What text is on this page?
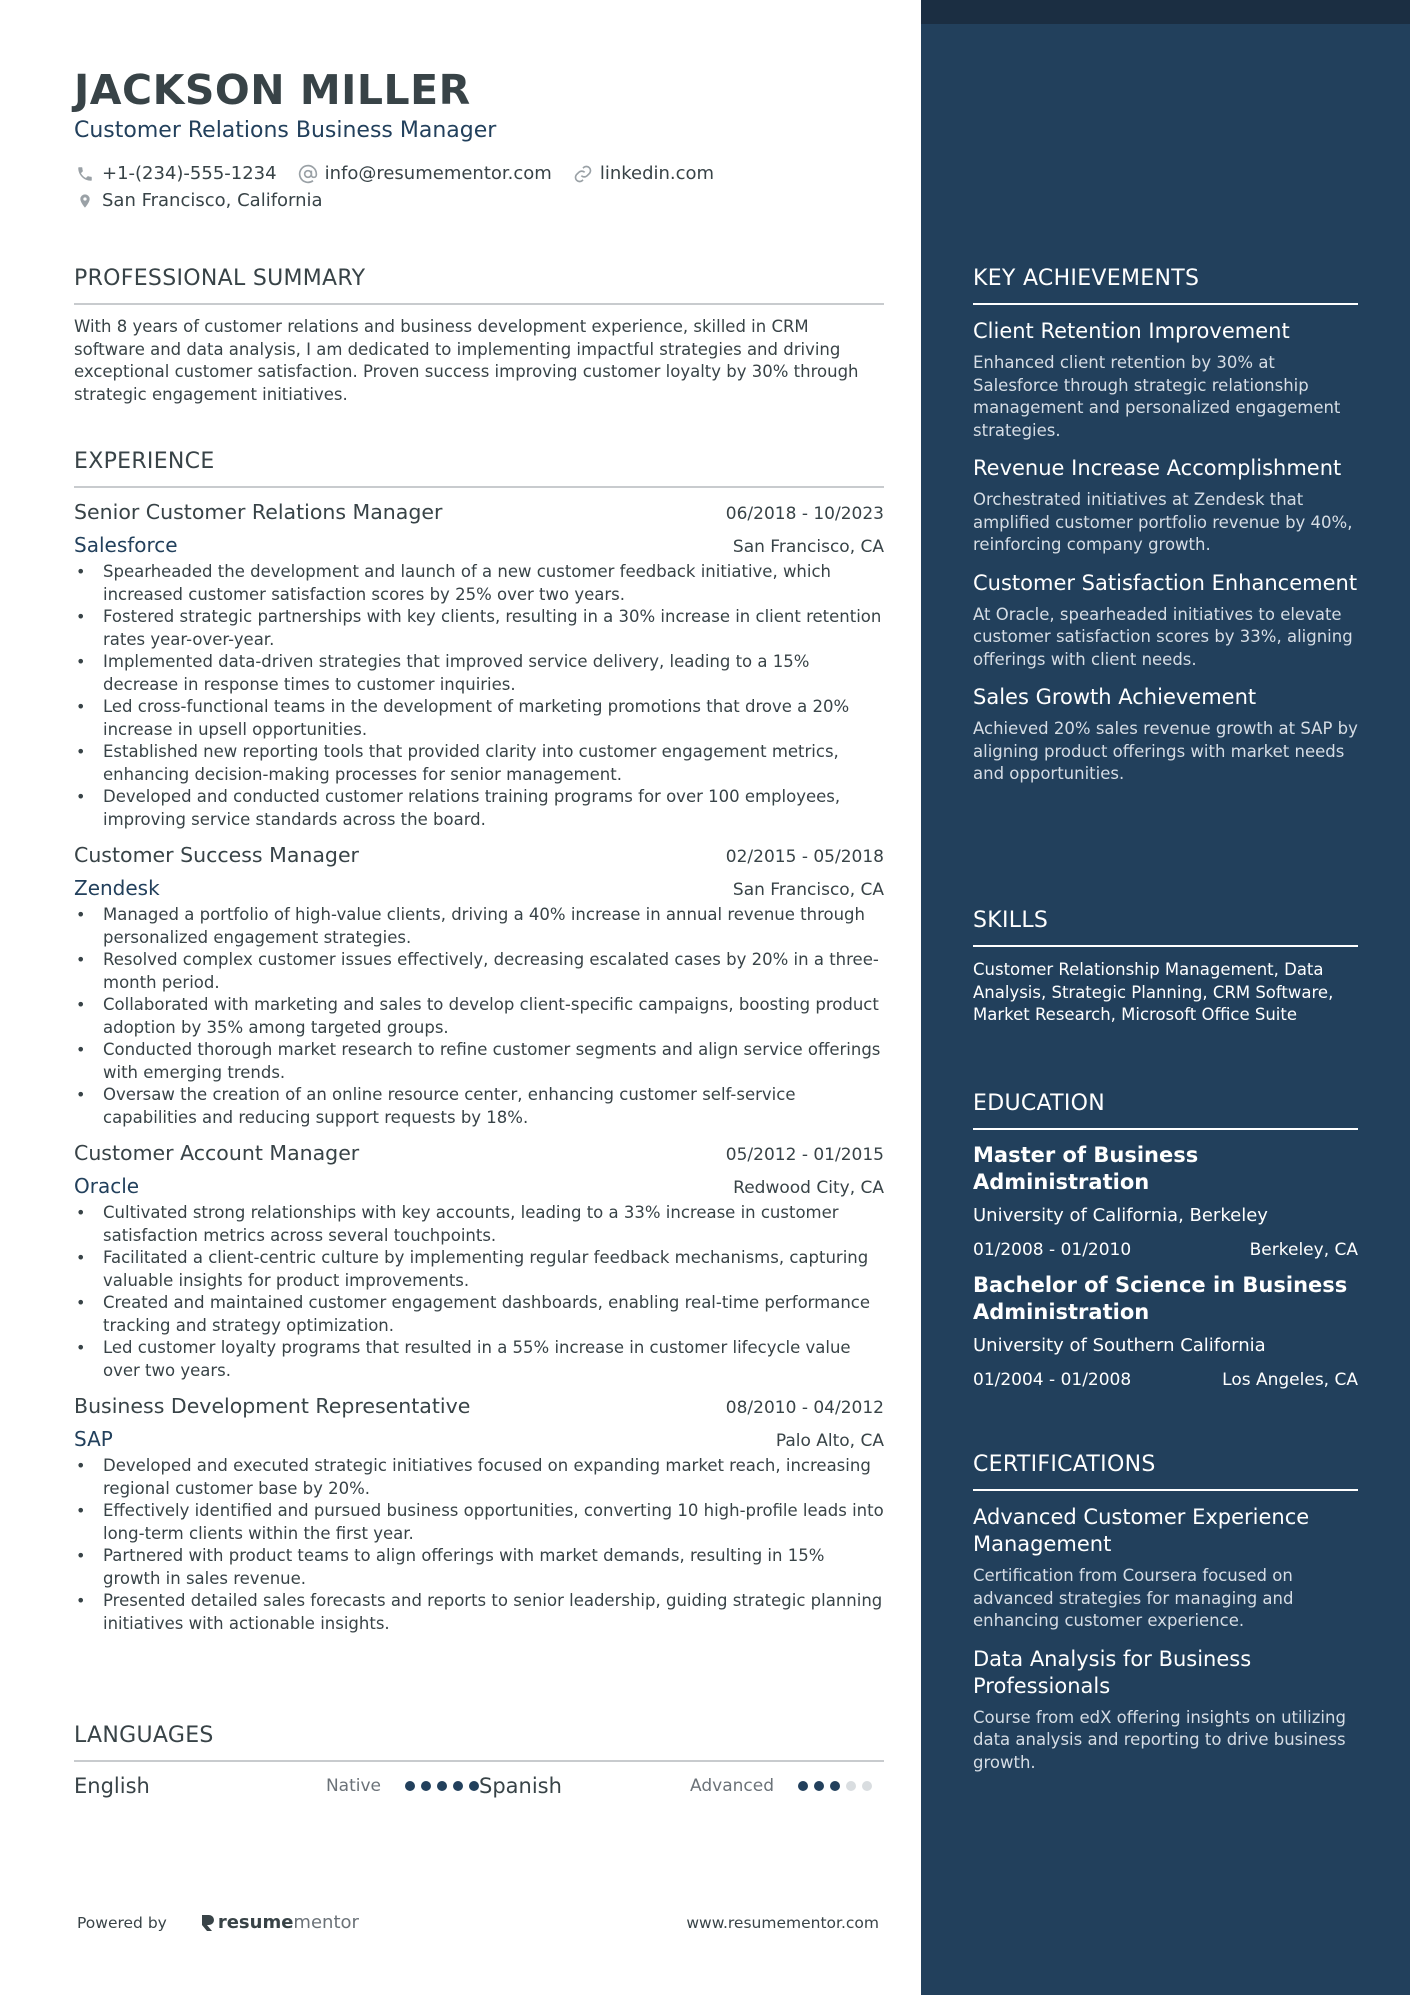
JACKSON MILLER
Customer Relations Business Manager
+1-(234)-555-1234	info@resumementor.com	linkedin.com
San Francisco, California
PROFESSIONAL SUMMARY
With 8 years of customer relations and business development experience, skilled in CRM software and data analysis, I am dedicated to implementing impactful strategies and driving exceptional customer satisfaction. Proven success improving customer loyalty by 30% through strategic engagement initiatives.
EXPERIENCE
Senior Customer Relations Manager	06/2018 - 10/2023
Salesforce	San Francisco, CA
• Spearheaded the development and launch of a new customer feedback initiative, which increased customer satisfaction scores by 25% over two years.
• Fostered strategic partnerships with key clients, resulting in a 30% increase in client retention rates year-over-year.
• Implemented data-driven strategies that improved service delivery, leading to a 15% decrease in response times to customer inquiries.
• Led cross-functional teams in the development of marketing promotions that drove a 20% increase in upsell opportunities.
• Established new reporting tools that provided clarity into customer engagement metrics, enhancing decision-making processes for senior management.
• Developed and conducted customer relations training programs for over 100 employees, improving service standards across the board.
Customer Success Manager	02/2015 - 05/2018
Zendesk	San Francisco, CA
• Managed a portfolio of high-value clients, driving a 40% increase in annual revenue through personalized engagement strategies.
• Resolved complex customer issues effectively, decreasing escalated cases by 20% in a three-month period.
• Collaborated with marketing and sales to develop client-specific campaigns, boosting product adoption by 35% among targeted groups.
• Conducted thorough market research to refine customer segments and align service offerings with emerging trends.
• Oversaw the creation of an online resource center, enhancing customer self-service capabilities and reducing support requests by 18%.
Customer Account Manager	05/2012 - 01/2015
Oracle	Redwood City, CA
• Cultivated strong relationships with key accounts, leading to a 33% increase in customer satisfaction metrics across several touchpoints.
• Facilitated a client-centric culture by implementing regular feedback mechanisms, capturing valuable insights for product improvements.
• Created and maintained customer engagement dashboards, enabling real-time performance tracking and strategy optimization.
• Led customer loyalty programs that resulted in a 55% increase in customer lifecycle value over two years.
Business Development Representative	08/2010 - 04/2012
SAP	Palo Alto, CA
• Developed and executed strategic initiatives focused on expanding market reach, increasing regional customer base by 20%.
• Effectively identified and pursued business opportunities, converting 10 high-profile leads into long-term clients within the first year.
• Partnered with product teams to align offerings with market demands, resulting in 15% growth in sales revenue.
• Presented detailed sales forecasts and reports to senior leadership, guiding strategic planning initiatives with actionable insights.
LANGUAGES
English	Native	Spanish	Advanced
Powered by	resume mentor	www.resumementor.com
KEY ACHIEVEMENTS
Client Retention Improvement
Enhanced client retention by 30% at Salesforce through strategic relationship management and personalized engagement strategies.
Revenue Increase Accomplishment
Orchestrated initiatives at Zendesk that amplified customer portfolio revenue by 40%, reinforcing company growth.
Customer Satisfaction Enhancement
At Oracle, spearheaded initiatives to elevate customer satisfaction scores by 33%, aligning offerings with client needs.
Sales Growth Achievement
Achieved 20% sales revenue growth at SAP by aligning product offerings with market needs and opportunities.
SKILLS
Customer Relationship Management, Data Analysis, Strategic Planning, CRM Software, Market Research, Microsoft Office Suite
EDUCATION
Master of Business Administration
University of California, Berkeley
01/2008 - 01/2010	Berkeley, CA
Bachelor of Science in Business Administration
University of Southern California
01/2004 - 01/2008	Los Angeles, CA
CERTIFICATIONS
Advanced Customer Experience Management
Certification from Coursera focused on advanced strategies for managing and enhancing customer experience.
Data Analysis for Business Professionals
Course from edX offering insights on utilizing data analysis and reporting to drive business growth.
